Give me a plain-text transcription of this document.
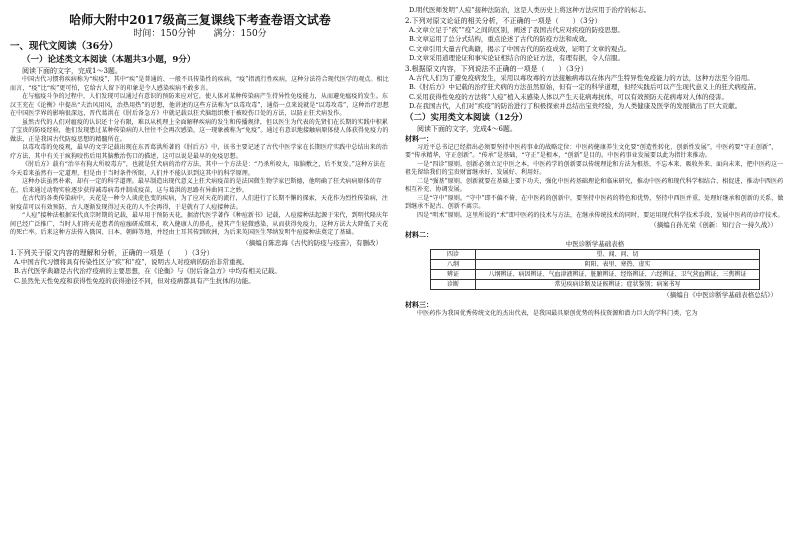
哈师大附中2017级高三复课线下考查卷语文试卷
时间：150分钟　　满分：150分
一、现代文阅读（36分）
（一）论述类文本阅读（本题共3小题，9分）
阅读下面的文字，完成1～3题。

中国古代习惯将疾病称为“疾疫”，其中“疾”是普通的、一般不具传染性的疾病，“疫”指流行性疾病，这种分法符合现代医学的观点。相比而言，“疫”比“疾”更可怕，它给古人留下的印象是令人感染疾病不敢多言。

在与瘟疫斗争的过程中，人们发现可以通过有意识的预防来应对它，使人体对某种传染病产生持异性免疫能力，从而避免瘟疫的发生。东汉王充在《论衡》中提出“夫治风用风，治热用热”的思想，他讲述的这些方法称为“以毒攻毒”，通俗一点来说就是“以毒攻毒”，这种治疗思想在中国医学界的影响很深远，晋代葛洪在《肘后备急方》中就记载以狂犬脑组织敷于被咬伤口处的方法，以防止狂犬病发作。

虽然古代的人们对瘟疫的认识还十分有限，难以从机理上全面解释疾病的发生和传播规律，但以医生为代表的先贤们在长期的实践中积累了宝贵的防疫经验，他们发现患过某种传染病的人往往不会再次感染，这一现象被称为“免疫”。通过有意识地接触病原体使人体获得免疫力的做法，正是我国古代防疫思想的精髓所在。

以毒攻毒的免疫观，最早的文字记载出现在东晋葛洪所著的《肘后方》中，该书主要记述了古代中医学家在长期医疗实践中总结出来的治疗方法，其中有关于疯狗咬伤后用其脑敷治伤口的描述，这可以说是最早的免疫思想。

《肘后方》载有“治卒有狗大所咬毒方”，也就是狂犬病的治疗方法，其中一个方法是：“乃杀所咬大，取脑敷之，后不复发。”这种方法在今天看来虽然有一定道理，但是由于当时条件所限，人们并不能认识到这其中的科学原理。

这种办法虽然朴素，却有一定的科学道理。最早制造出现代意义上狂犬病疫苗的是法国微生物学家巴斯德，他明确了狂犬病病原体的存在，后来通过动物实验逐步获得减毒病毒并制成疫苗，这与葛洪的思路有异曲同工之妙。

在古代的各类传染病中，天花是一种令人谈虎色变的疾病，为了应对天花的流行，人们进行了长期不懈的探索，天花作为烈性传染病，注射疫苗可以有效预防，古人逐渐发现得过天花的人不会再得，于是就有了人痘接种法。

“人痘”接种法根据宋代真宗时期的记载，最早用于预防天花，据清代医学著作《种痘新书》记载，人痘接种法起源于宋代，到明代隆庆年间已经广泛推广，当时人们将天花患者的痘痂研成细末，吹入健康人的鼻孔，使其产生轻微感染，从而获得免疫力，这种方法大大降低了天花的死亡率。后来这种方法传入俄国、日本、朝鲜等地，并经由土耳其传到欧洲，为后来英国医生琴纳发明牛痘接种法奠定了基础。

（摘编自陈忠海《古代的防疫与疫苗》，有删改）
1.下列关于原文内容的理解和分析，正确的一项是（　　）（3分）
A.中国古代习惯将具有传染性区分“疾”和“疫”，说明古人对疫病的防治非常重视。
B.古代医学典籍是古代治疗疫病的主要思想，在《论衡》与《肘后备急方》中均有相关记载。
C.虽然先天性免疫和获得性免疫的获得途径不同，但对疫病都具有产生抗体的功能。
D.明代医师发明“人痘”接种法防治，这是人类历史上将这种方法应用于治疗的标志。
2.下列对原文论证的相关分析，不正确的一项是（　　）（3分）
A.文章立足于“疾”“疫”之间的区别，阐述了我国古代应对疾疫的防疫思想。
B.文章运用了总分式结构，重点论述了古代的防疫方法和成效。
C.文章引用大量古代典籍，揭示了中国古代的防疫成效，证明了文章的观点。
D.文章采用道理论证和事实论证相结合的论证方法，有理有据，令人信服。
3.根据原文内容，下列说法不正确的一项是（　　）（3分）
A.古代人们为了避免疫病发生，采用以毒攻毒的方法接触病毒以在体内产生特异性免疫能力的方法，这种方法至今沿用。
B.《肘后方》中记载的治疗狂犬病的方法虽然原始，但有一定的科学道理，但经实践后可以产生现代意义上的狂犬病疫苗。
C.采用获得性免疫的方法将“人痘”植入未感染人体以产生天花病毒抗体，可以有效预防天花病毒对人体的侵害。
D.在我国古代，人们对“疾疫”的防治进行了积极探索并总结出宝贵经验，为人类健康及医学的发展做出了巨大贡献。
（二）实用类文本阅读（12分）
阅读下面的文字，完成4～6题。
材料一：

习近平总书记已经指出必须要坚持中医药事业的战略定位：中医药健康养生文化要“创造性转化、创新性发展”，中医药要“守正创新”，要“传承精华，守正创新”。“传承”是基础，“守正”是根本，“创新”是目的。中医药事业发展要以此为指针来推动。

一是“四诊”原则。创新必须立足中医之本，中医药学的创新要以传统理论和方法为根基，不忘本来、吸收外来、面向未来，把中医药这一祖先留给我们的宝贵财富继承好、发展好、利用好。

二是“强基”原则。创新就要在基础上要下功夫，强化中医药基础理论和临床研究，推动中医药和现代科学相结合、相促进，推动中西医药相互补充、协调发展。

三是“守中”原则。“守中”即不偏不倚，在中医药的创新中，要坚持中医药的特色和优势，坚持中西医并重，处理好继承和创新的关系，做到继承不泥古、创新不离宗。

四是“明术”原则。这里所说的“术”即中医药的技术与方法，在继承传统技术的同时，要运用现代科学技术手段，发展中医药的诊疗技术。

（摘编自孙光荣《创新：知行合一持久战》）
材料二：
中医诊断学基础表格
四诊	望、闻、问、切
八纲	阴阳、表里、寒热、虚实
辨证	八纲辨证、病因辨证、气血津液辨证、脏腑辨证、经络辨证、六经辨证、卫气营血辨证、三焦辨证
诊断	常见疾病诊断及证候辨证；症状鉴别；病案书写
（摘编自《中医诊断学基础表格总结》）
材料三：

中医药作为我国优秀传统文化的杰出代表，是我国最具原创优势的科技资源和潜力巨大的学科门类，它为
